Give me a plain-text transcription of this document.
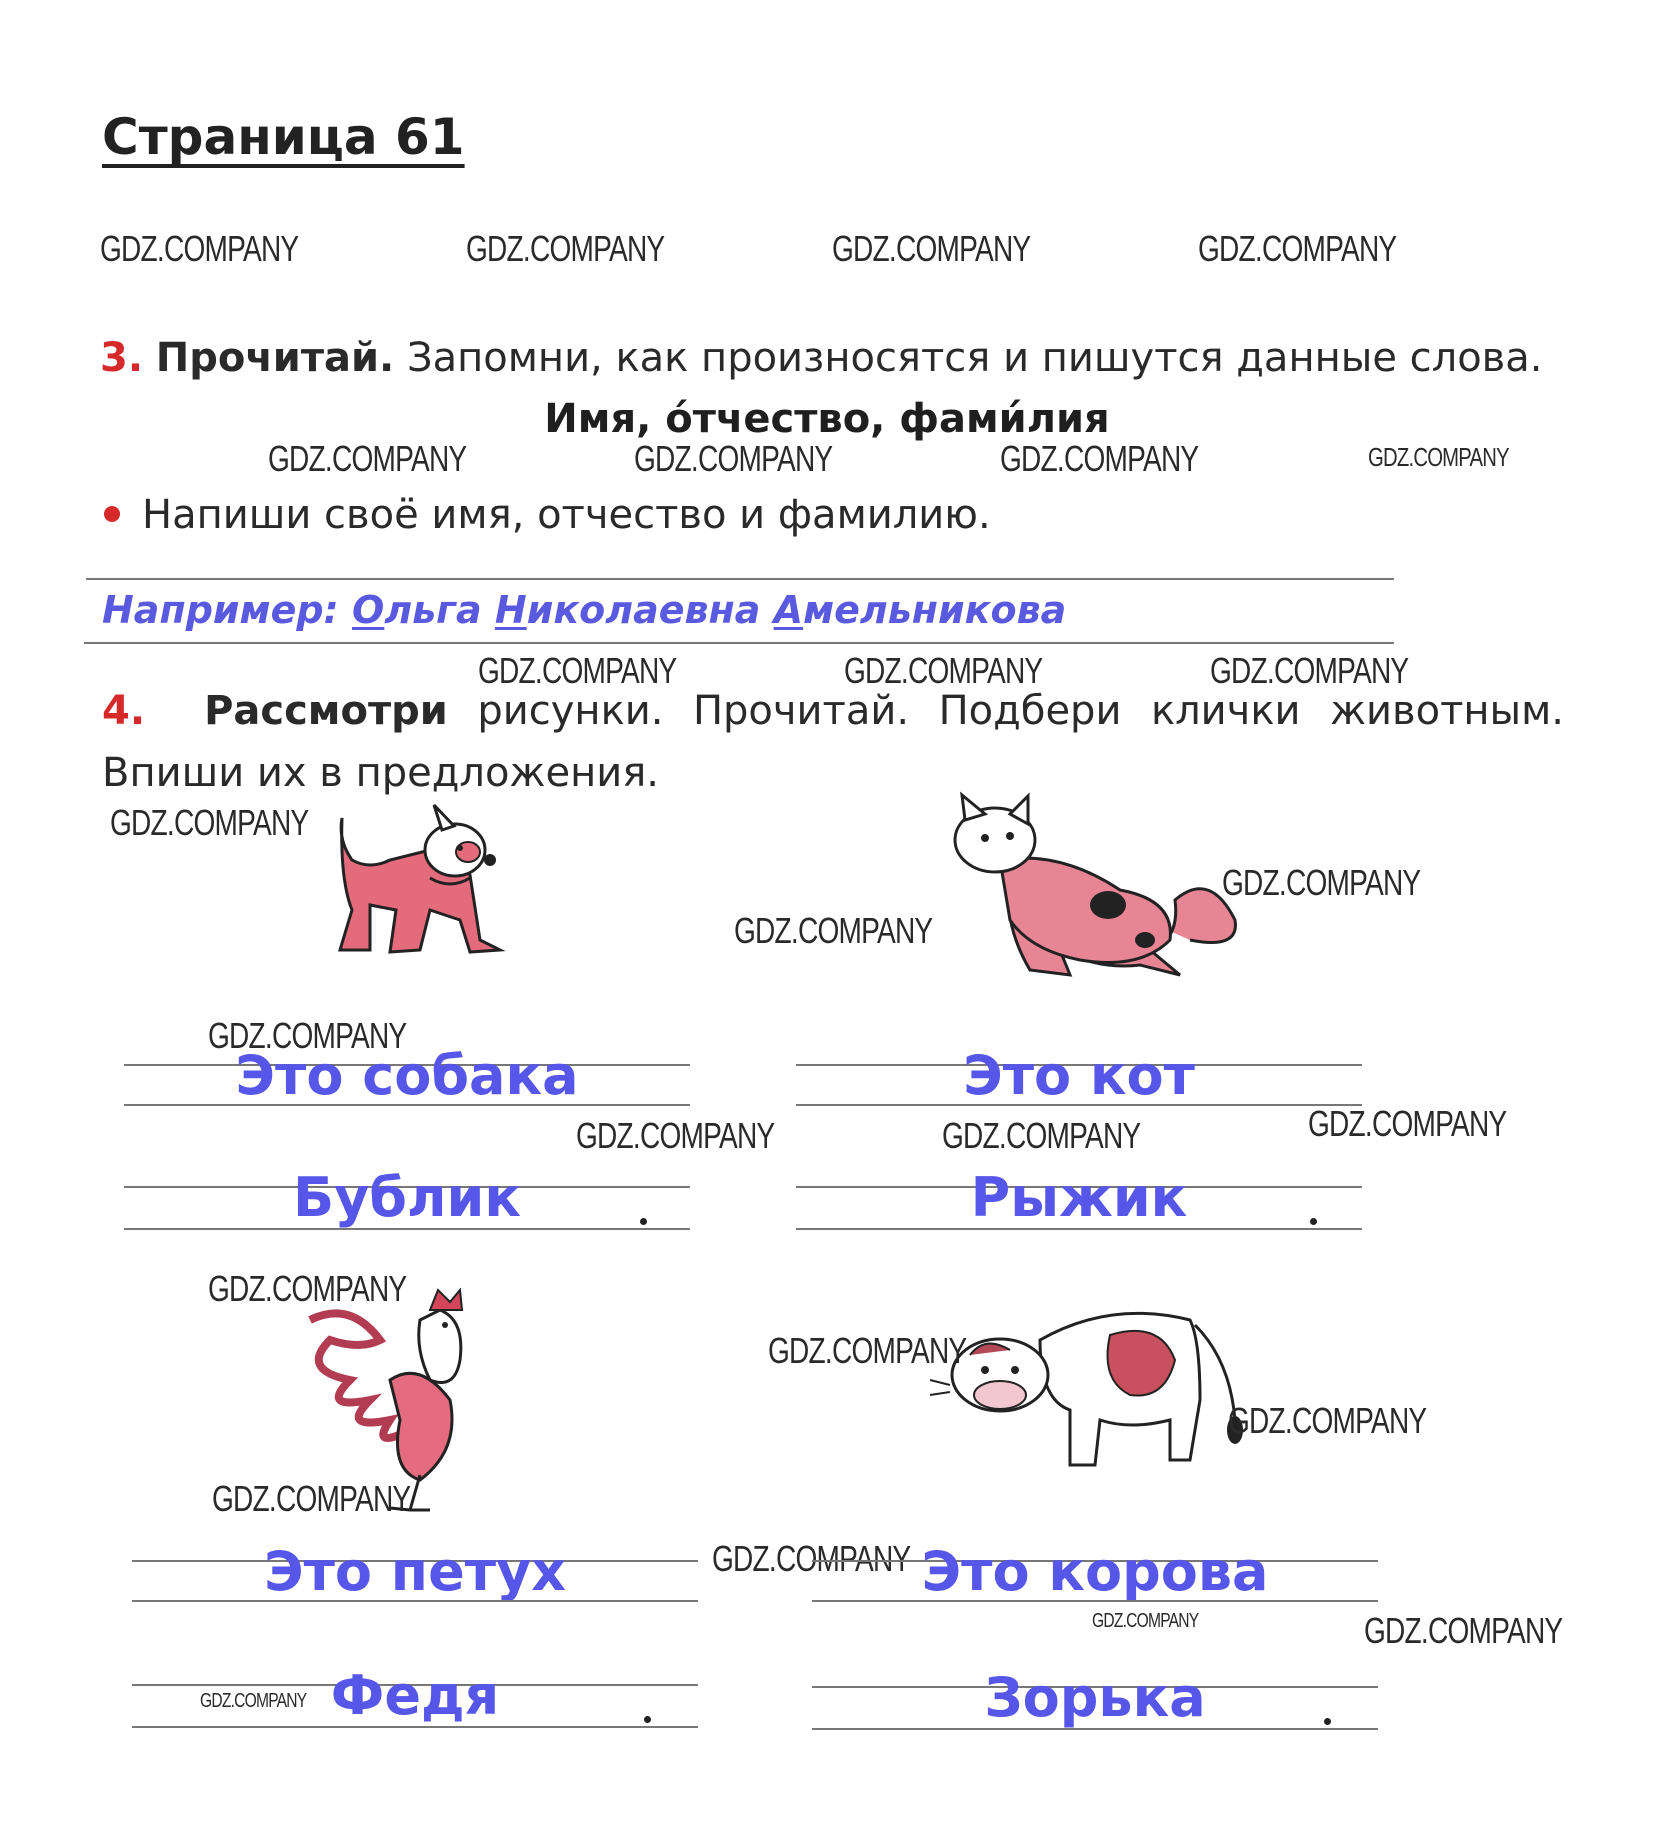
Страница 61
GDZ.COMPANY	GDZ.COMPANY	GDZ.COMPANY	GDZ.COMPANY
3. Прочитай. Запомни, как произносятся и пишутся данные слова.
Имя, о́тчество, фами́лия
GDZ.COMPANY	GDZ.COMPANY	GDZ.COMPANY	GDZ.COMPANY
Напиши своё имя, отчество и фамилию.
Например: Ольга Николаевна Амельникова
GDZ.COMPANY	GDZ.COMPANY	GDZ.COMPANY
4. Рассмотри рисунки. Прочитай. Подбери клички животным. Впиши их в предложения.
GDZ.COMPANY
GDZ.COMPANY
GDZ.COMPANY
GDZ.COMPANY
Это собака
Бублик
Это кот
Рыжик
GDZ.COMPANY	GDZ.COMPANY	GDZ.COMPANY
GDZ.COMPANY
GDZ.COMPANY
GDZ.COMPANY
GDZ.COMPANY
Это петух
Федя
GDZ.COMPANY
GDZ.COMPANY Это корова
GDZ.COMPANY	GDZ.COMPANY
Зорька
